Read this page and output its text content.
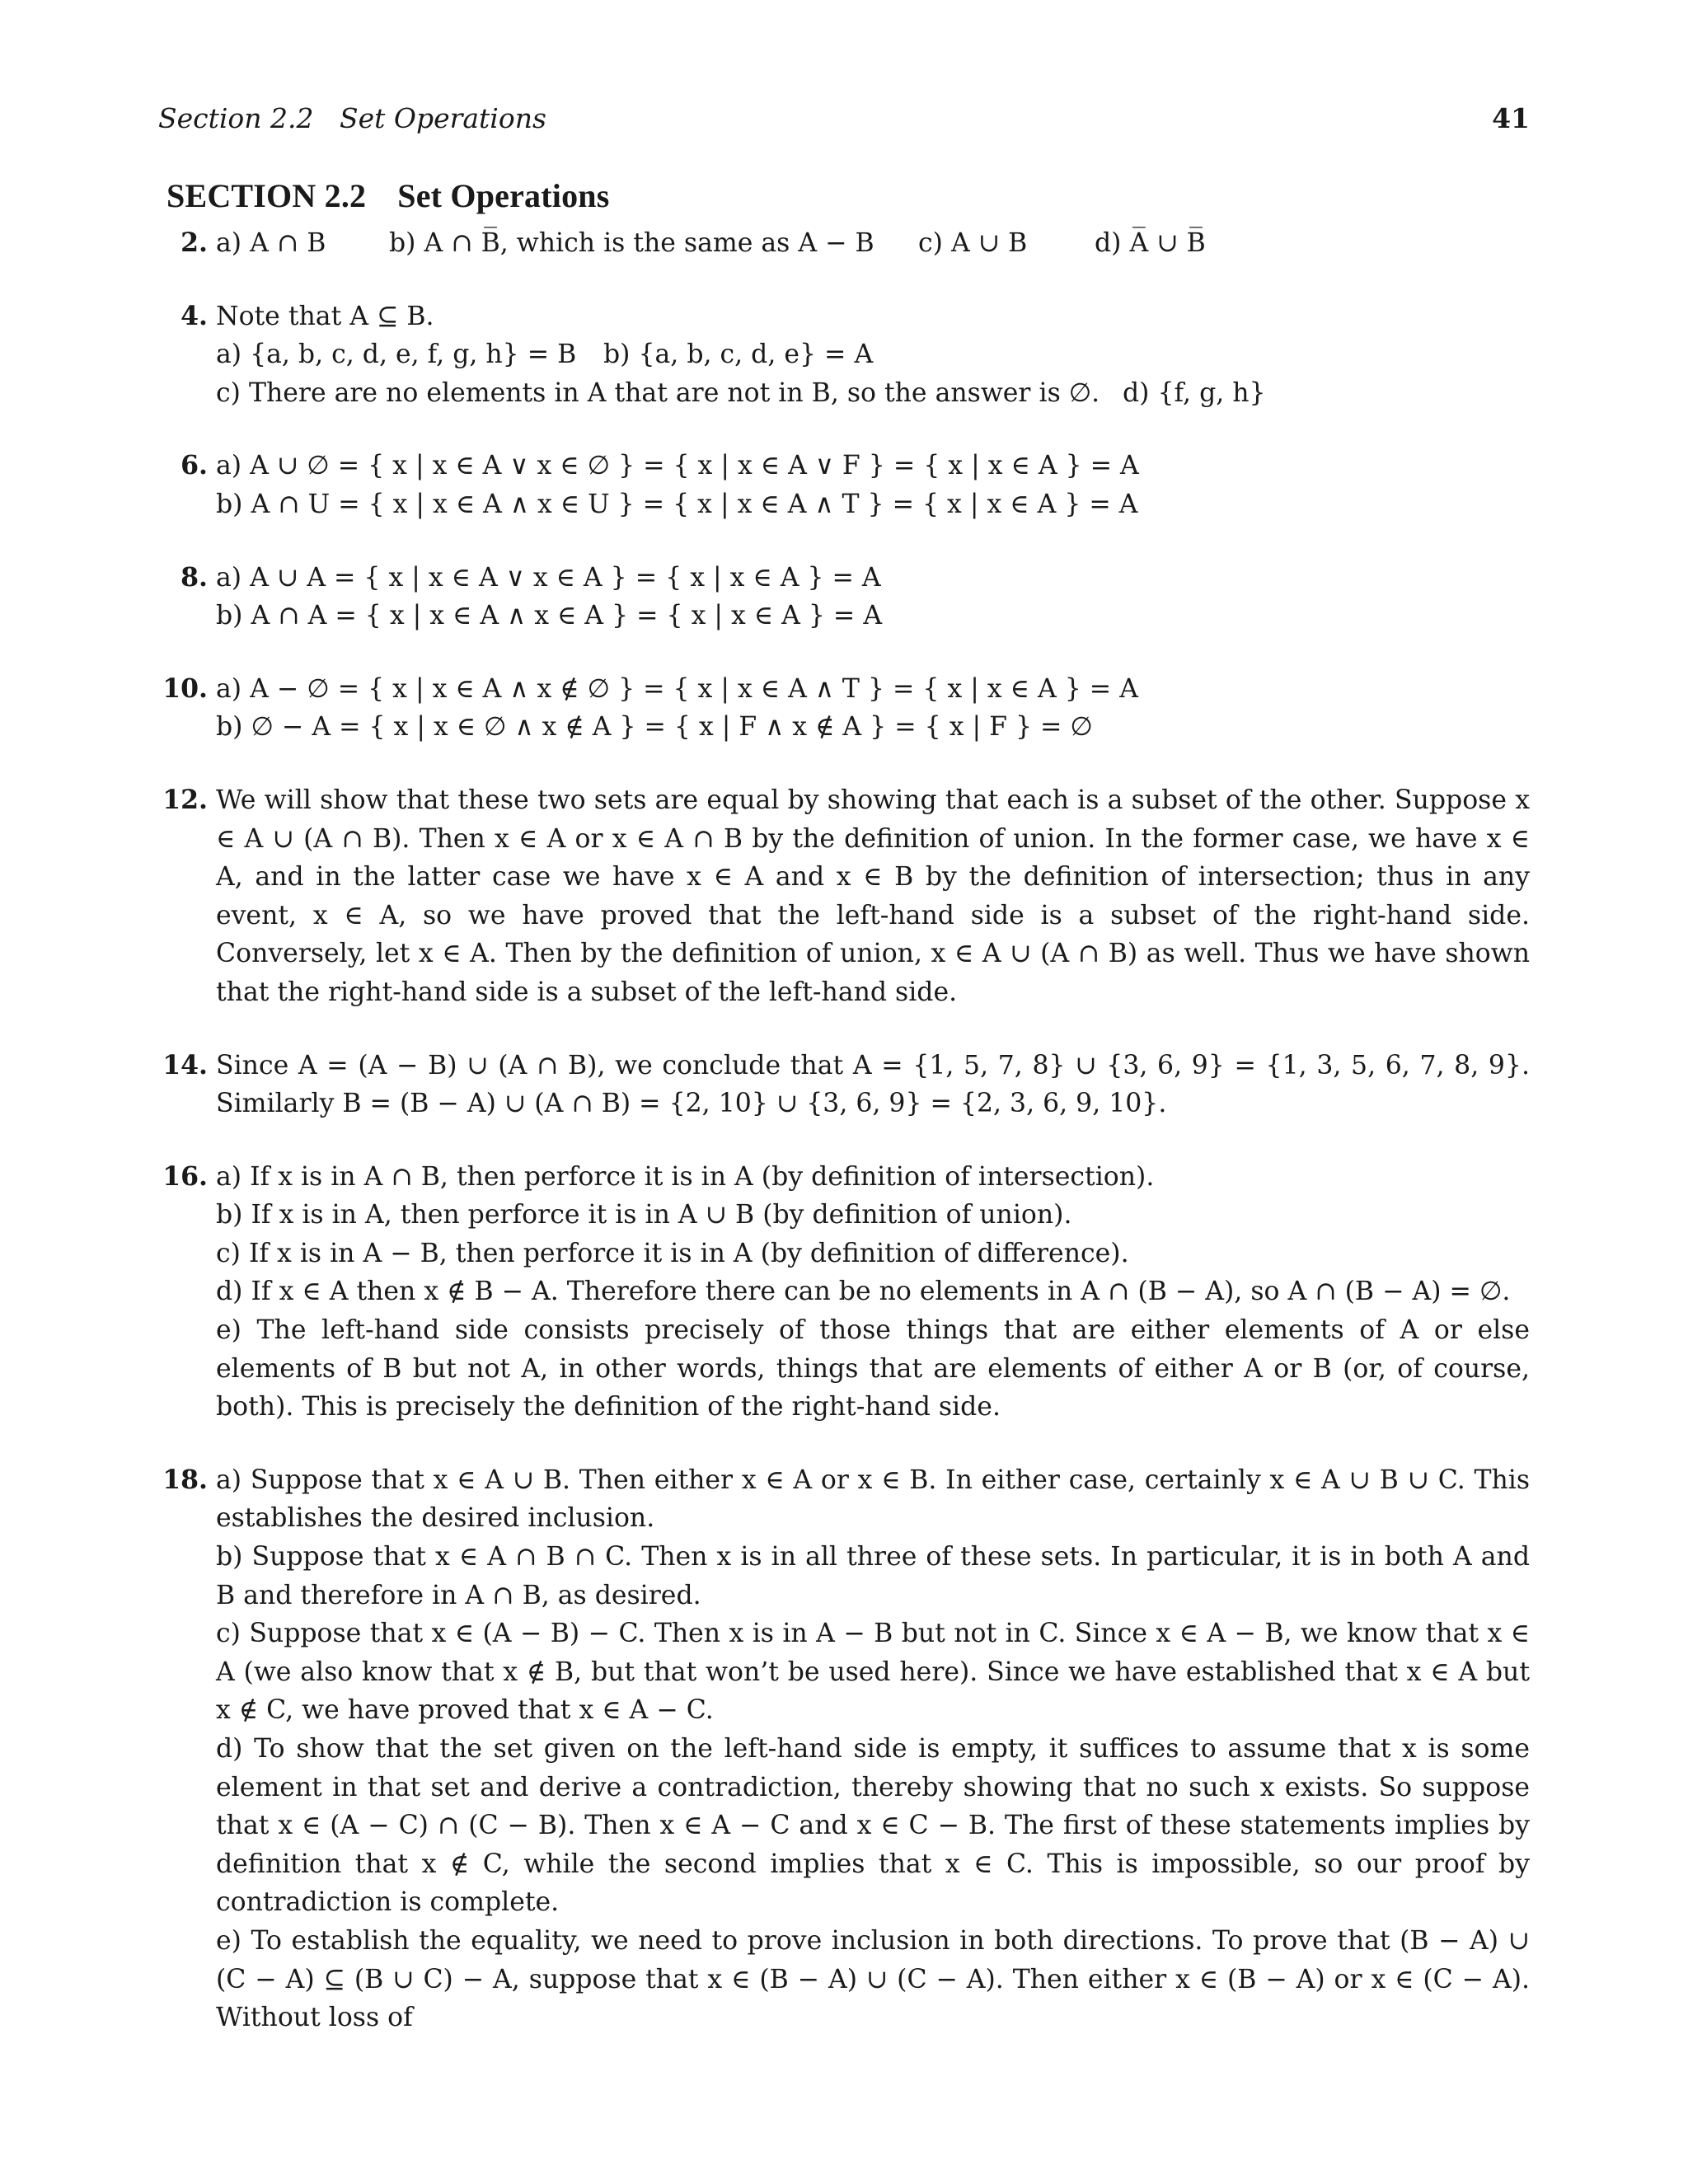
Section 2.2 Set Operations	41
SECTION 2.2 Set Operations
2. a) A ∩ B b) A ∩ B̅, which is the same as A − B c) A ∪ B	d) A̅ ∪ B̅
4. Note that A ⊆ B.
a) {a, b, c, d, e, f, g, h} = B b) {a, b, c, d, e} = A
c) There are no elements in A that are not in B, so the answer is ∅. d) {f, g, h}
6. a) A ∪ ∅ = { x | x ∈ A ∨ x ∈ ∅ } = { x | x ∈ A ∨ F } = { x | x ∈ A } = A
b) A ∩ U = { x | x ∈ A ∧ x ∈ U } = { x | x ∈ A ∧ T } = { x | x ∈ A } = A
8. a) A ∪ A = { x | x ∈ A ∨ x ∈ A } = { x | x ∈ A } = A
b) A ∩ A = { x | x ∈ A ∧ x ∈ A } = { x | x ∈ A } = A
10. a) A − ∅ = { x | x ∈ A ∧ x ∉ ∅ } = { x | x ∈ A ∧ T } = { x | x ∈ A } = A
b) ∅ − A = { x | x ∈ ∅ ∧ x ∉ A } = { x | F ∧ x ∉ A } = { x | F } = ∅
12. We will show that these two sets are equal by showing that each is a subset of the other. Suppose x ∈ A ∪ (A ∩ B). Then x ∈ A or x ∈ A ∩ B by the definition of union. In the former case, we have x ∈ A, and in the latter case we have x ∈ A and x ∈ B by the definition of intersection; thus in any event, x ∈ A, so we have proved that the left-hand side is a subset of the right-hand side. Conversely, let x ∈ A. Then by the definition of union, x ∈ A ∪ (A ∩ B) as well. Thus we have shown that the right-hand side is a subset of the left-hand side.
14. Since A = (A − B) ∪ (A ∩ B), we conclude that A = {1, 5, 7, 8} ∪ {3, 6, 9} = {1, 3, 5, 6, 7, 8, 9}. Similarly B = (B − A) ∪ (A ∩ B) = {2, 10} ∪ {3, 6, 9} = {2, 3, 6, 9, 10}.
16. a) If x is in A ∩ B, then perforce it is in A (by definition of intersection).
b) If x is in A, then perforce it is in A ∪ B (by definition of union).
c) If x is in A − B, then perforce it is in A (by definition of difference).
d) If x ∈ A then x ∉ B − A. Therefore there can be no elements in A ∩ (B − A), so A ∩ (B − A) = ∅.
e) The left-hand side consists precisely of those things that are either elements of A or else elements of B but not A, in other words, things that are elements of either A or B (or, of course, both). This is precisely the definition of the right-hand side.
18. a) Suppose that x ∈ A ∪ B. Then either x ∈ A or x ∈ B. In either case, certainly x ∈ A ∪ B ∪ C. This establishes the desired inclusion.
b) Suppose that x ∈ A ∩ B ∩ C. Then x is in all three of these sets. In particular, it is in both A and B and therefore in A ∩ B, as desired.
c) Suppose that x ∈ (A − B) − C. Then x is in A − B but not in C. Since x ∈ A − B, we know that x ∈ A (we also know that x ∉ B, but that won’t be used here). Since we have established that x ∈ A but x ∉ C, we have proved that x ∈ A − C.
d) To show that the set given on the left-hand side is empty, it suffices to assume that x is some element in that set and derive a contradiction, thereby showing that no such x exists. So suppose that x ∈ (A − C) ∩ (C − B). Then x ∈ A − C and x ∈ C − B. The first of these statements implies by definition that x ∉ C, while the second implies that x ∈ C. This is impossible, so our proof by contradiction is complete.
e) To establish the equality, we need to prove inclusion in both directions. To prove that (B − A) ∪ (C − A) ⊆ (B ∪ C) − A, suppose that x ∈ (B − A) ∪ (C − A). Then either x ∈ (B − A) or x ∈ (C − A). Without loss of
